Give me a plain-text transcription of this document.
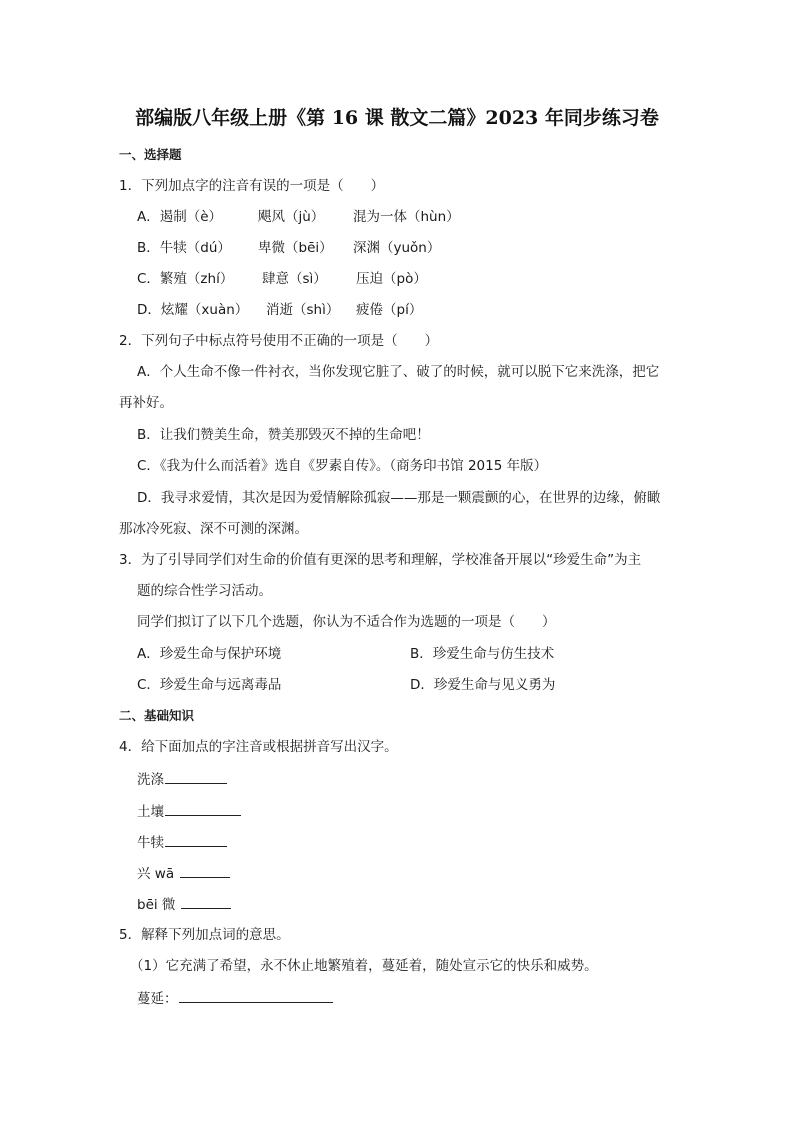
部编版八年级上册《第 16 课 散文二篇》2023 年同步练习卷
一、选择题
1．下列加点字的注音有误的一项是（　　）
A．遏制（è）	飓风（jù） 混为一体（hùn）
B．牛犊（dú） 卑微（bēi） 深渊（yuǒn）
C．繁殖（zhí） 肆意（sì） 压迫（pò）
D．炫耀（xuàn） 消逝（shì） 疲倦（pí）
2．下列句子中标点符号使用不正确的一项是（　　）
A．个人生命不像一件衬衣，当你发现它脏了、破了的时候，就可以脱下它来洗涤，把它
再补好。
B．让我们赞美生命，赞美那毁灭不掉的生命吧！
C．《我为什么而活着》选自《罗素自传》。（商务印书馆 2015 年版）
D．我寻求爱情，其次是因为爱情解除孤寂——那是一颗震颤的心，在世界的边缘，俯瞰
那冰冷死寂、深不可测的深渊。
3．为了引导同学们对生命的价值有更深的思考和理解，学校准备开展以“珍爱生命”为主
题的综合性学习活动。
同学们拟订了以下几个选题，你认为不适合作为选题的一项是（　　）
A．珍爱生命与保护环境	B．珍爱生命与仿生技术
C．珍爱生命与远离毒品	D．珍爱生命与见义勇为
二、基础知识
4．给下面加点的字注音或根据拼音写出汉字。
洗涤
土壤
牛犊
兴 wā
bēi 微
5．解释下列加点词的意思。
（1）它充满了希望，永不休止地繁殖着，蔓延着，随处宣示它的快乐和威势。
蔓延：
